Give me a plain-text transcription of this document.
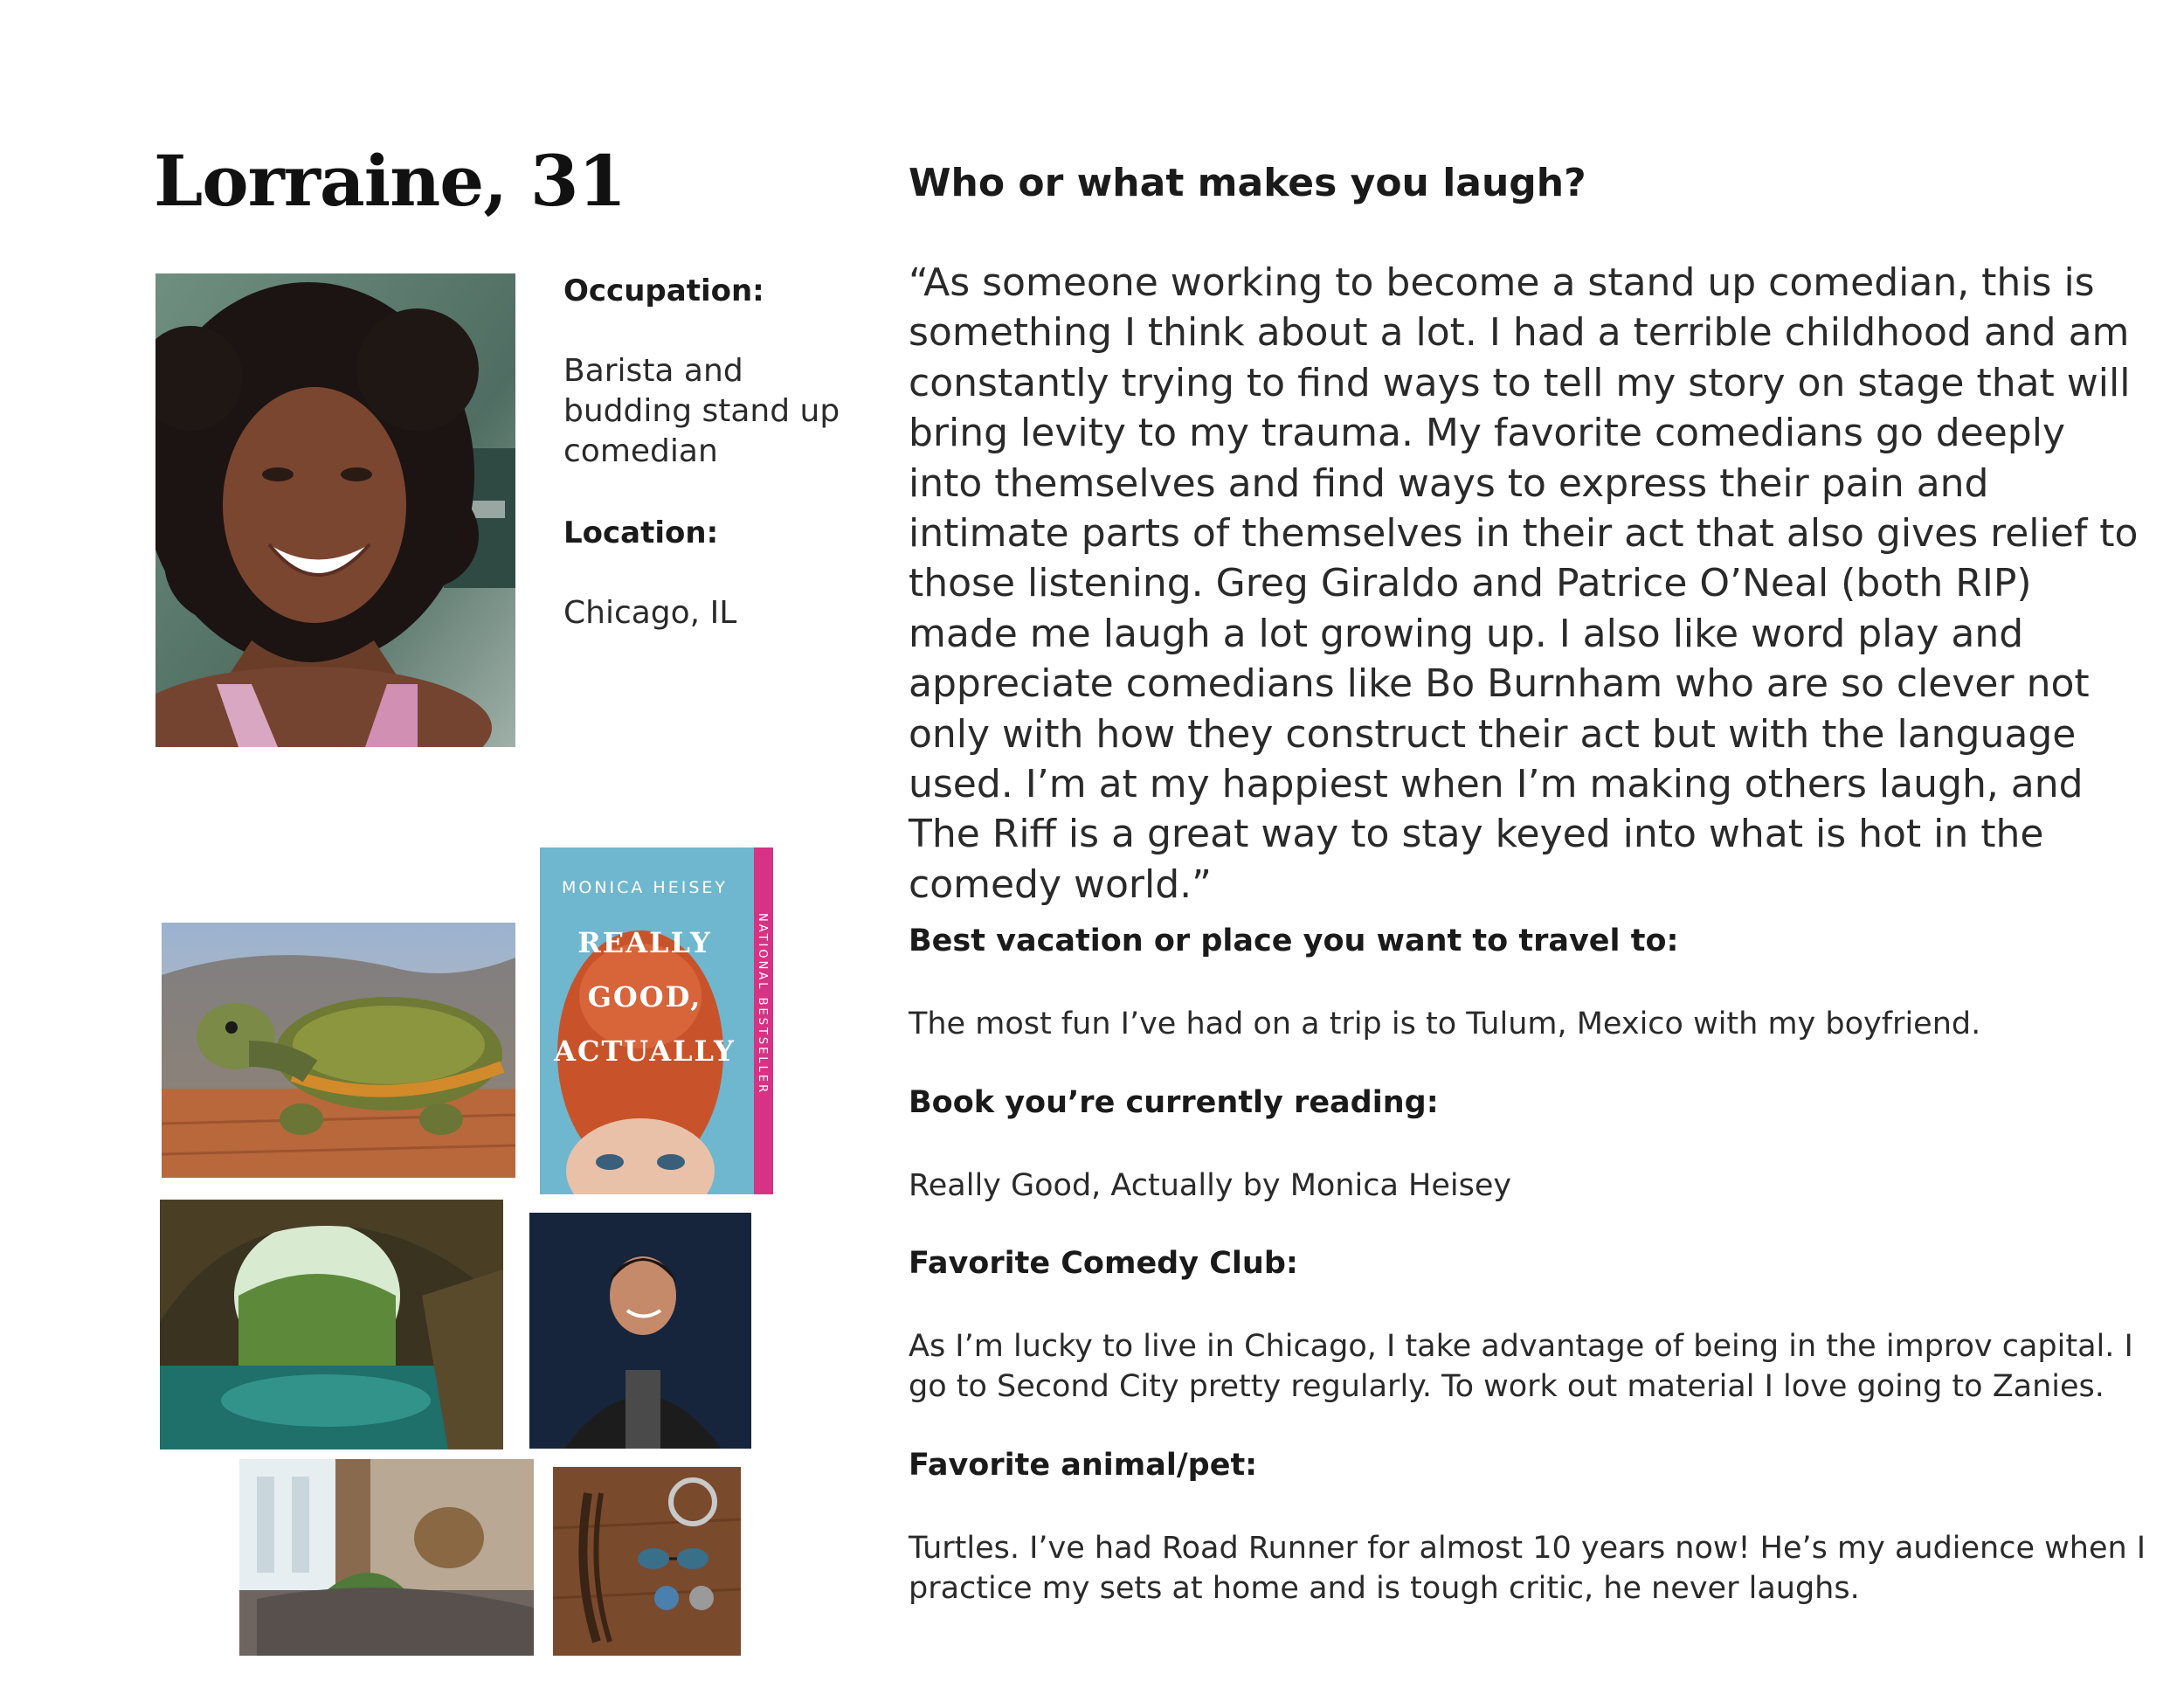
Lorraine, 31

Occupation:

Barista and budding stand up comedian

Location:

Chicago, IL

Who or what makes you laugh?

“As someone working to become a stand up comedian, this is something I think about a lot. I had a terrible childhood and am constantly trying to find ways to tell my story on stage that will bring levity to my trauma. My favorite comedians go deeply into themselves and find ways to express their pain and intimate parts of themselves in their act that also gives relief to those listening. Greg Giraldo and Patrice O’Neal (both RIP) made me laugh a lot growing up. I also like word play and appreciate comedians like Bo Burnham who are so clever not only with how they construct their act but with the language used. I’m at my happiest when I’m making others laugh, and The Riff is a great way to stay keyed into what is hot in the comedy world.”

Best vacation or place you want to travel to:

The most fun I’ve had on a trip is to Tulum, Mexico with my boyfriend.

Book you’re currently reading:

Really Good, Actually by Monica Heisey

Favorite Comedy Club:

As I’m lucky to live in Chicago, I take advantage of being in the improv capital. I go to Second City pretty regularly. To work out material I love going to Zanies.

Favorite animal/pet:

Turtles. I’ve had Road Runner for almost 10 years now! He’s my audience when I practice my sets at home and is tough critic, he never laughs.

MONICA HEISEY
REALLY
GOOD,
ACTUALLY NATIONAL BESTSELLER
